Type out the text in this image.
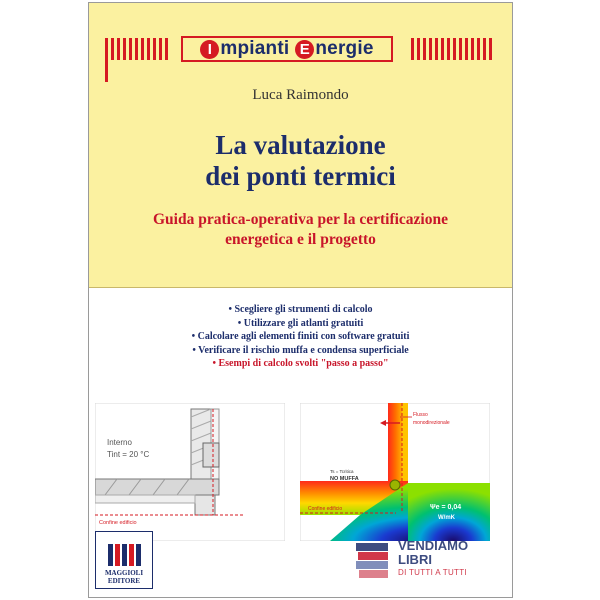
I mpianti E nergie
Luca Raimondo
La valutazione
dei ponti termici
Guida pratica-operativa per la certificazione
energetica e il progetto
• Scegliere gli strumenti di calcolo
• Utilizzare gli atlanti gratuiti
• Calcolare agli elementi finiti con software gratuiti
• Verificare il rischio muffa e condensa superficiale
• Esempi di calcolo svolti "passo a passo"
Interno
Tint = 20 °C
Confine edificio
Flusso
monodirezionale
Ts = Tcritica
NO MUFFA
Confine edificio	Ψe = 0,04
W/mK
MAGGIOLI
EDITORE
VENDIAMO
LIBRI
DI TUTTI A TUTTI
